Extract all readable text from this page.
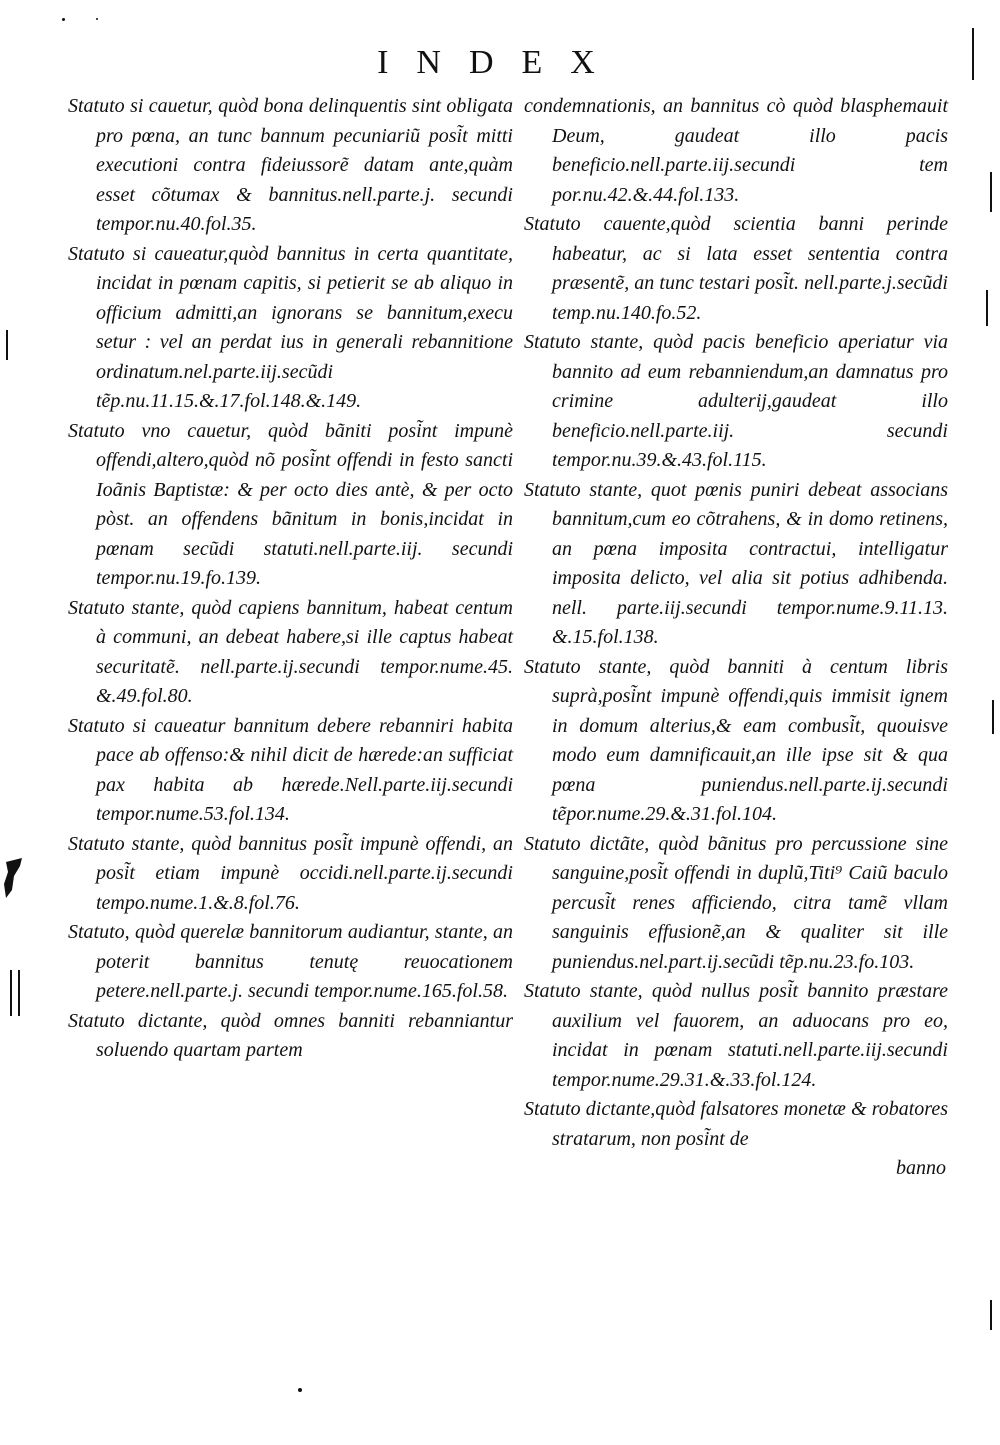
INDEX

Statuto si cauetur, quòd bona delinquentis sint obligata pro pœna, an tunc bannum pecuniariũ posi͂t mitti executioni contra fideiussorẽ datam ante,quàm esset cõtumax & bannitus.nell.parte.j. secundi tempor.nu.40.fol.35.

Statuto si caueatur,quòd bannitus in certa quantitate, incidat in pœnam capitis, si petierit se ab aliquo in officium admitti,an ignorans se bannitum,execu setur : vel an perdat ius in generali rebannitione ordinatum.nel.parte.iij.secũdi tẽp.nu.11.15.&.17.fol.148.&.149.

Statuto vno cauetur, quòd bãniti posi͂nt impunè offendi,altero,quòd nõ posi͂nt offendi in festo sancti Ioãnis Baptistæ: & per octo dies antè, & per octo pòst. an offendens bãnitum in bonis,incidat in pœnam secũdi statuti.nell.parte.iij. secundi tempor.nu.19.fo.139.

Statuto stante, quòd capiens bannitum, habeat centum à communi, an debeat habere,si ille captus habeat securitatẽ. nell.parte.ij.secundi tempor.nume.45. &.49.fol.80.

Statuto si caueatur bannitum debere rebanniri habita pace ab offenso:& nihil dicit de hærede:an sufficiat pax habita ab hærede.Nell.parte.iij.secundi tempor.nume.53.fol.134.

Statuto stante, quòd bannitus posi͂t impunè offendi, an posi͂t etiam impunè occidi.nell.parte.ij.secundi tempo.nume.1.&.8.fol.76.

Statuto, quòd querelæ bannitorum audiantur, stante, an poterit bannitus tenutę reuocationem petere.nell.parte.j. secundi tempor.nume.165.fol.58.

Statuto dictante, quòd omnes banniti rebanniantur soluendo quartam partem

condemnationis, an bannitus cò quòd blasphemauit Deum, gaudeat illo pacis beneficio.nell.parte.iij.secundi tem por.nu.42.&.44.fol.133.

Statuto cauente,quòd scientia banni perinde habeatur, ac si lata esset sententia contra præsentẽ, an tunc testari posi͂t. nell.parte.j.secũdi temp.nu.140.fo.52.

Statuto stante, quòd pacis beneficio aperiatur via bannito ad eum rebanniendum,an damnatus pro crimine adulterij,gaudeat illo beneficio.nell.parte.iij. secundi tempor.nu.39.&.43.fol.115.

Statuto stante, quot pœnis puniri debeat associans bannitum,cum eo cõtrahens, & in domo retinens, an pœna imposita contractui, intelligatur imposita delicto, vel alia sit potius adhibenda. nell. parte.iij.secundi tempor.nume.9.11.13. &.15.fol.138.

Statuto stante, quòd banniti à centum libris suprà,posi͂nt impunè offendi,quis immisit ignem in domum alterius,& eam combusi͂t, quouisve modo eum damnificauit,an ille ipse sit & qua pœna puniendus.nell.parte.ij.secundi tẽpor.nume.29.&.31.fol.104.

Statuto dictãte, quòd bãnitus pro percussione sine sanguine,posi͂t offendi in duplũ,Titi⁹ Caiũ baculo percusi͂t renes afficiendo, citra tamẽ vllam sanguinis effusionẽ,an & qualiter sit ille puniendus.nel.part.ij.secũdi tẽp.nu.23.fo.103.

Statuto stante, quòd nullus posi͂t bannito præstare auxilium vel fauorem, an aduocans pro eo, incidat in pœnam statuti.nell.parte.iij.secundi tempor.nume.29.31.&.33.fol.124.

Statuto dictante,quòd falsatores monetæ & robatores stratarum, non posi͂nt de

banno
